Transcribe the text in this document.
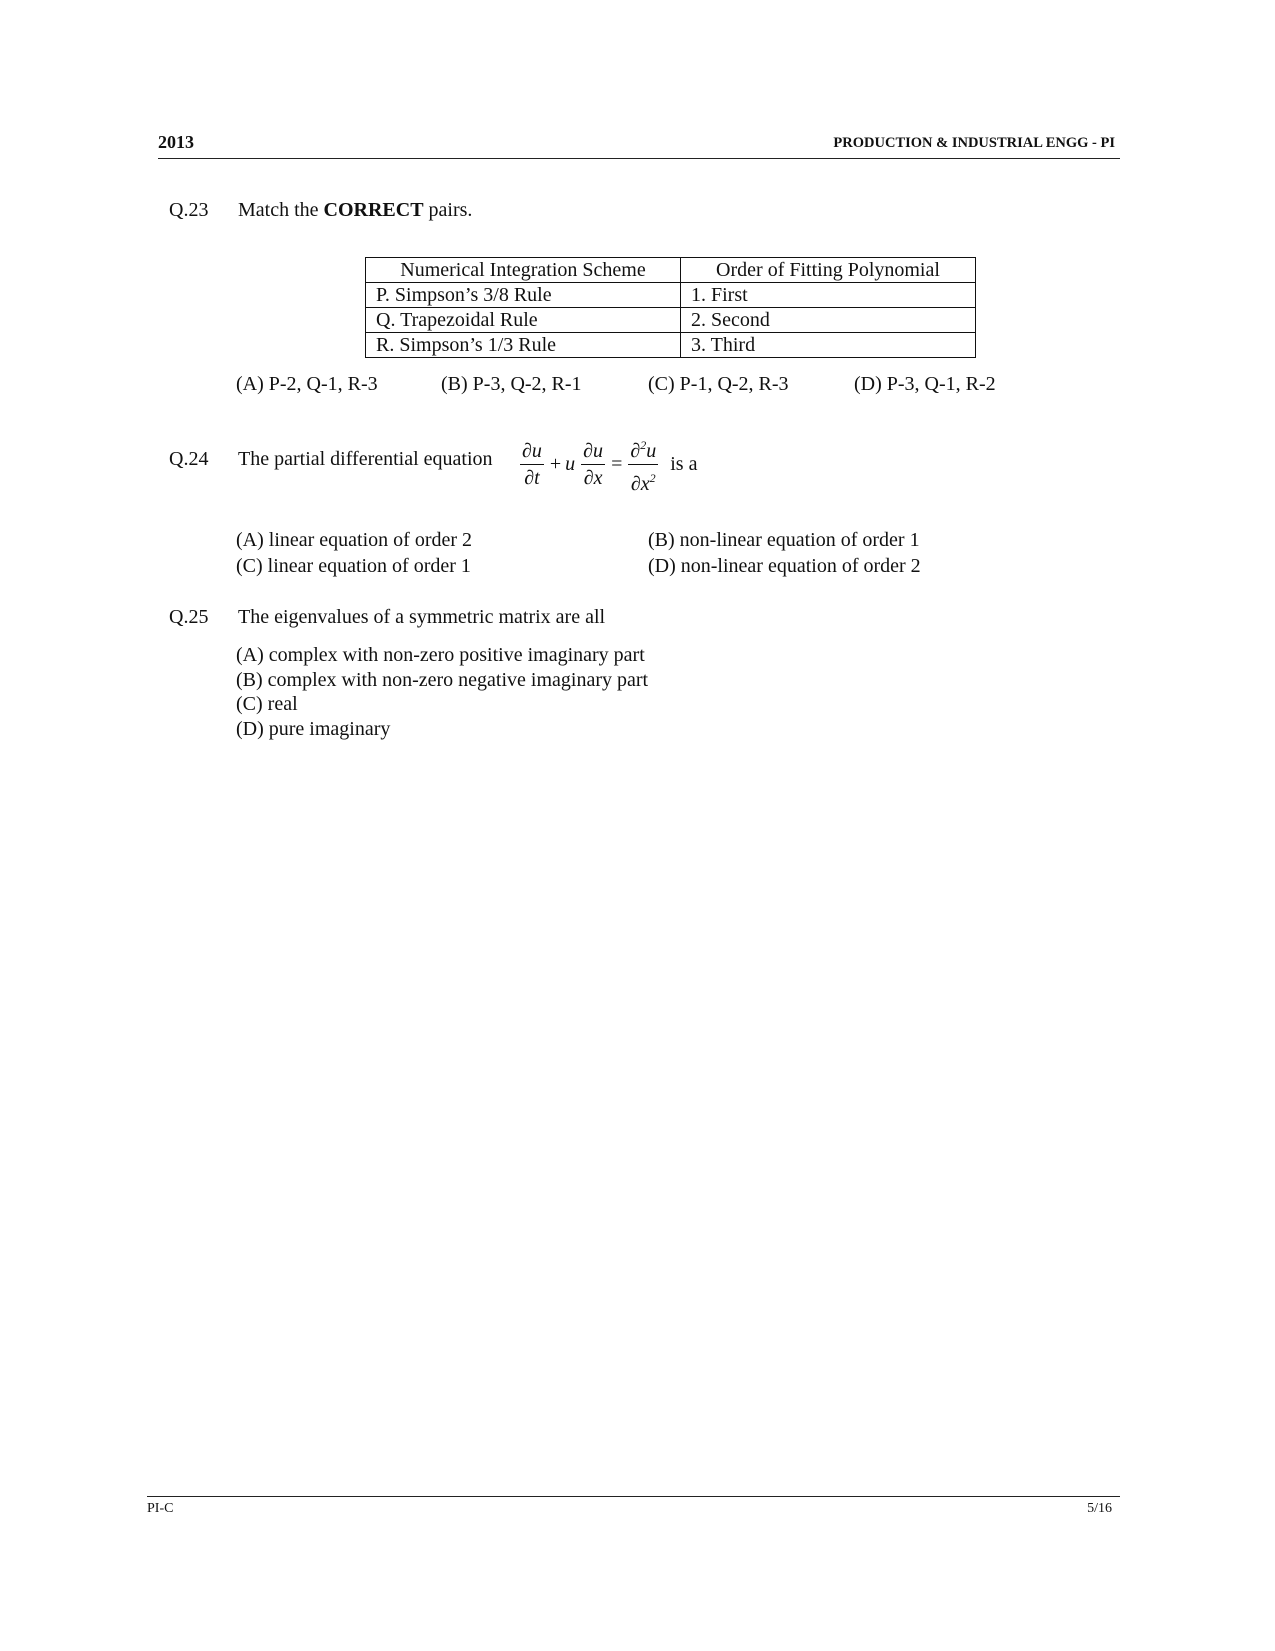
2013	PRODUCTION & INDUSTRIAL ENGG - PI
Q.23 Match the CORRECT pairs.
Numerical Integration Scheme	Order of Fitting Polynomial
P. Simpson’s 3/8 Rule	1. First
Q. Trapezoidal Rule	2. Second
R. Simpson’s 1/3 Rule	3. Third
(A) P-2, Q-1, R-3	(B) P-3, Q-2, R-1	(C) P-1, Q-2, R-3	(D) P-3, Q-1, R-2
Q.24 The partial differential equation $\frac{\partial u}{\partial t} + u \frac{\partial u}{\partial x} = \frac{\partial^2u}{\partial x^2}$ is a
(A) linear equation of order 2	(B) non-linear equation of order 1
(C) linear equation of order 1	(D) non-linear equation of order 2
Q.25 The eigenvalues of a symmetric matrix are all
(A) complex with non-zero positive imaginary part
(B) complex with non-zero negative imaginary part
(C) real
(D) pure imaginary
PI-C	5/16
